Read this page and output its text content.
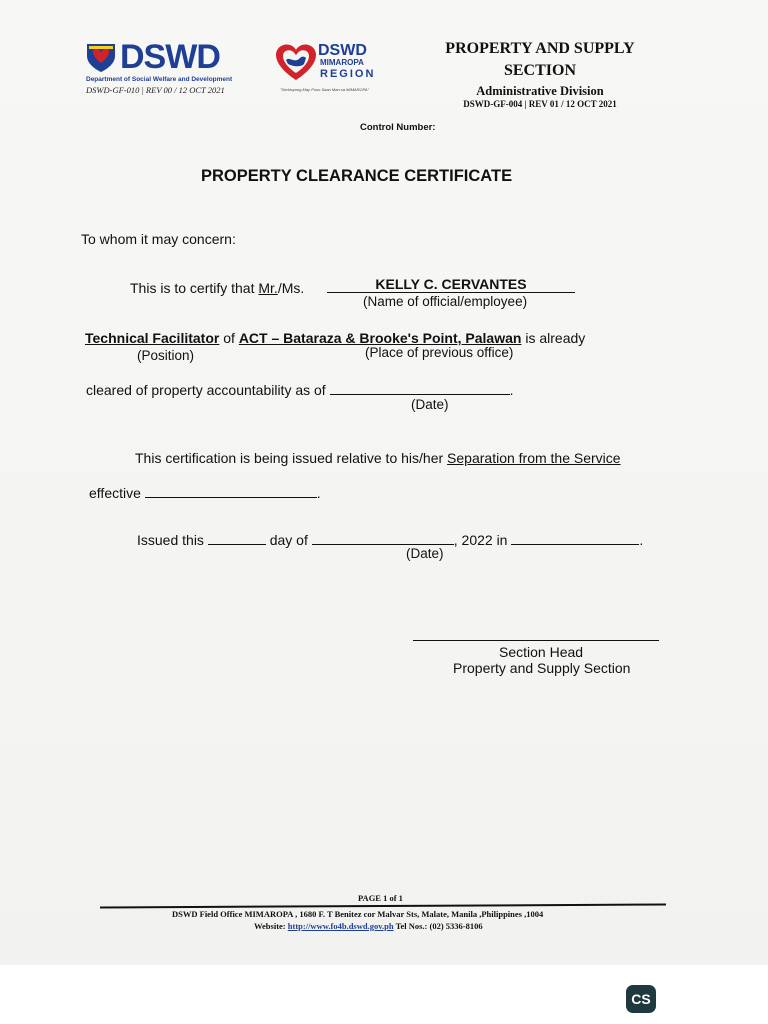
DSWD
Department of Social Welfare and Development
DSWD-GF-010 | REV 00 / 12 OCT 2021
DSWD
MIMAROPA
REGION
"Serbisyong May Puso Saan Man sa MIMAROPA"
PROPERTY AND SUPPLY
SECTION
Administrative Division
DSWD-GF-004 | REV 01 / 12 OCT 2021
Control Number:
PROPERTY CLEARANCE CERTIFICATE
To whom it may concern:
This is to certify that Mr./Ms.	KELLY C. CERVANTES
(Name of official/employee)
Technical Facilitator of ACT – Bataraza & Brooke's Point, Palawan is already
(Position)	(Place of previous office)
cleared of property accountability as of	.
(Date)
This certification is being issued relative to his/her Separation from the Service
effective	.
Issued this	day of	, 2022 in	.
(Date)
Section Head
Property and Supply Section
PAGE 1 of 1
DSWD Field Office MIMAROPA , 1680 F. T Benitez cor Malvar Sts, Malate, Manila ,Philippines ,1004
Website: http://www.fo4b.dswd.gov.ph Tel Nos.: (02) 5336-8106
CS
